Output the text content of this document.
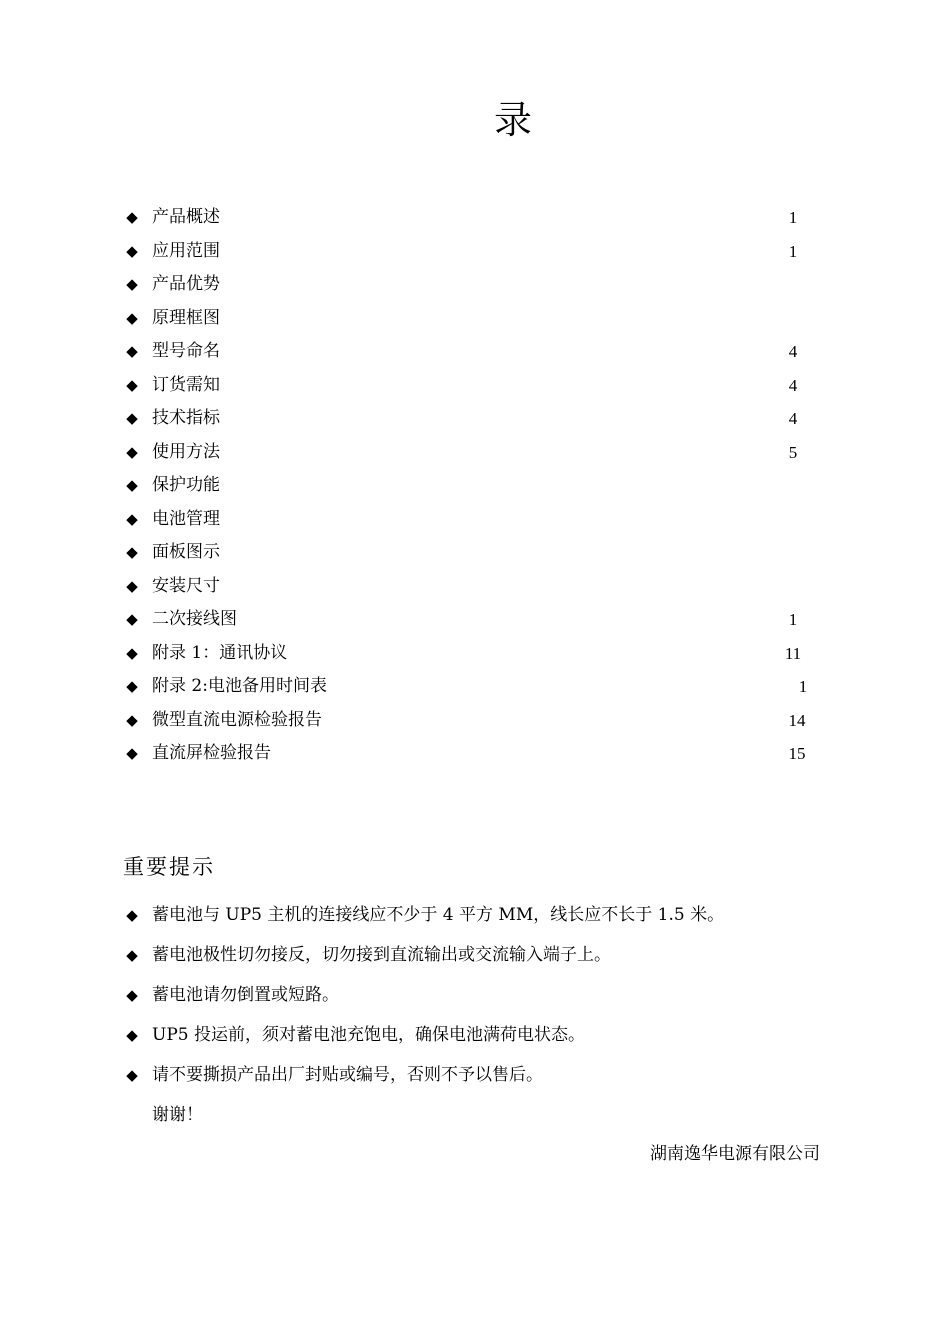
录
◆ 产品概述	1
◆ 应用范围	1
◆ 产品优势
◆ 原理框图
◆ 型号命名	4
◆ 订货需知	4
◆ 技术指标	4
◆ 使用方法	5
◆ 保护功能
◆ 电池管理
◆ 面板图示
◆ 安装尺寸
◆ 二次接线图	1
◆ 附录 1：通讯协议	11
◆ 附录 2:电池备用时间表	1
◆ 微型直流电源检验报告	14
◆ 直流屏检验报告	15
重要提示
◆ 蓄电池与 UP5 主机的连接线应不少于 4 平方 MM，线长应不长于 1.5 米。
◆ 蓄电池极性切勿接反，切勿接到直流输出或交流输入端子上。
◆ 蓄电池请勿倒置或短路。
◆ UP5 投运前，须对蓄电池充饱电，确保电池满荷电状态。
◆ 请不要撕损产品出厂封贴或编号，否则不予以售后。
谢谢！
湖南逸华电源有限公司
